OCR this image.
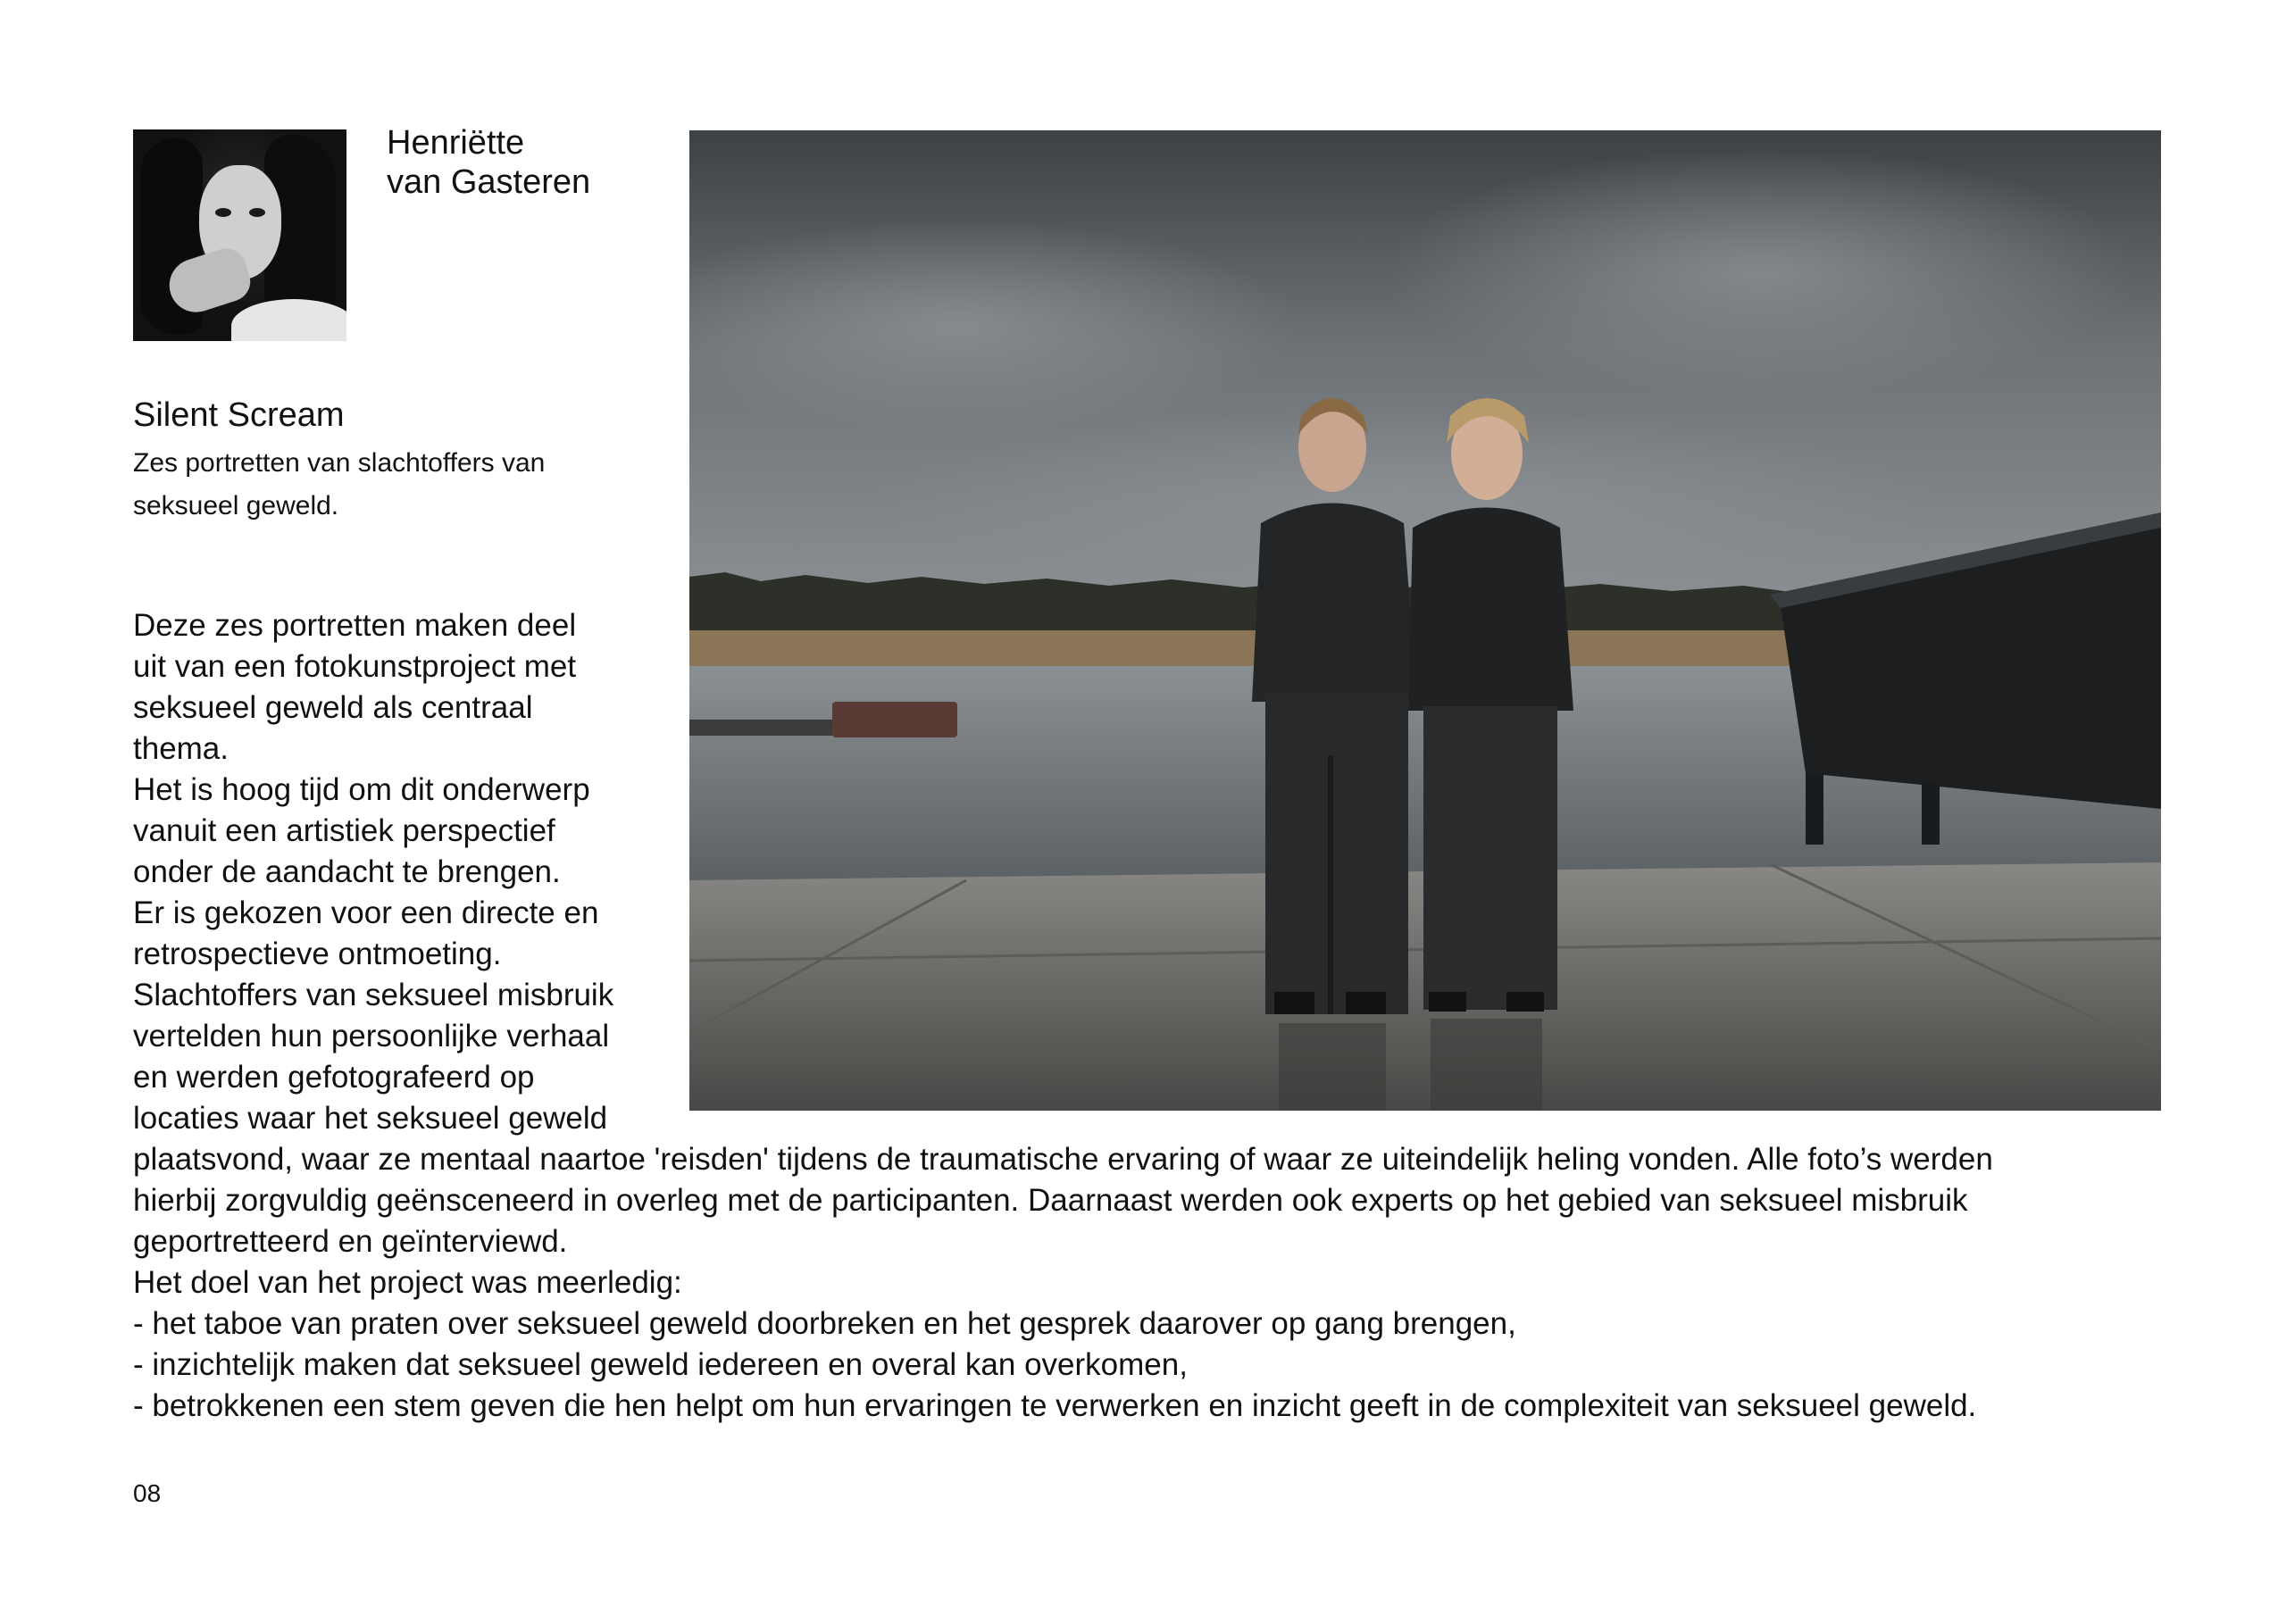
Henriëtte
van Gasteren
Silent Scream

Zes portretten van slachtoffers van
seksueel geweld.

Deze zes portretten maken deel

uit van een fotokunstproject met

seksueel geweld als centraal

thema.

Het is hoog tijd om dit onderwerp

vanuit een artistiek perspectief

onder de aandacht te brengen.

Er is gekozen voor een directe en

retrospectieve ontmoeting.

Slachtoffers van seksueel misbruik

vertelden hun persoonlijke verhaal

en werden gefotografeerd op

locaties waar het seksueel geweld

plaatsvond, waar ze mentaal naartoe 'reisden' tijdens de traumatische ervaring of waar ze uiteindelijk heling vonden. Alle foto’s werden

hierbij zorgvuldig geënsceneerd in overleg met de participanten. Daarnaast werden ook experts op het gebied van seksueel misbruik

geportretteerd en geïnterviewd.

Het doel van het project was meerledig:

- het taboe van praten over seksueel geweld doorbreken en het gesprek daarover op gang brengen,

- inzichtelijk maken dat seksueel geweld iedereen en overal kan overkomen,

- betrokkenen een stem geven die hen helpt om hun ervaringen te verwerken en inzicht geeft in de complexiteit van seksueel geweld.

08
